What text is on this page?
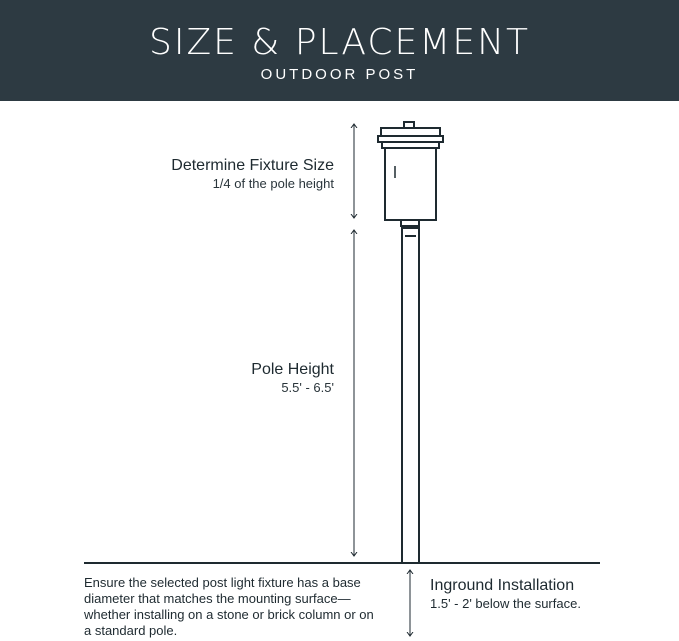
SIZE & PLACEMENT
OUTDOOR POST
Determine Fixture Size
1/4 of the pole height
Pole Height
5.5' - 6.5'
Ensure the selected post light fixture has a base diameter that matches the mounting surface—whether installing on a stone or brick column or on a standard pole.
Inground Installation
1.5' - 2' below the surface.
